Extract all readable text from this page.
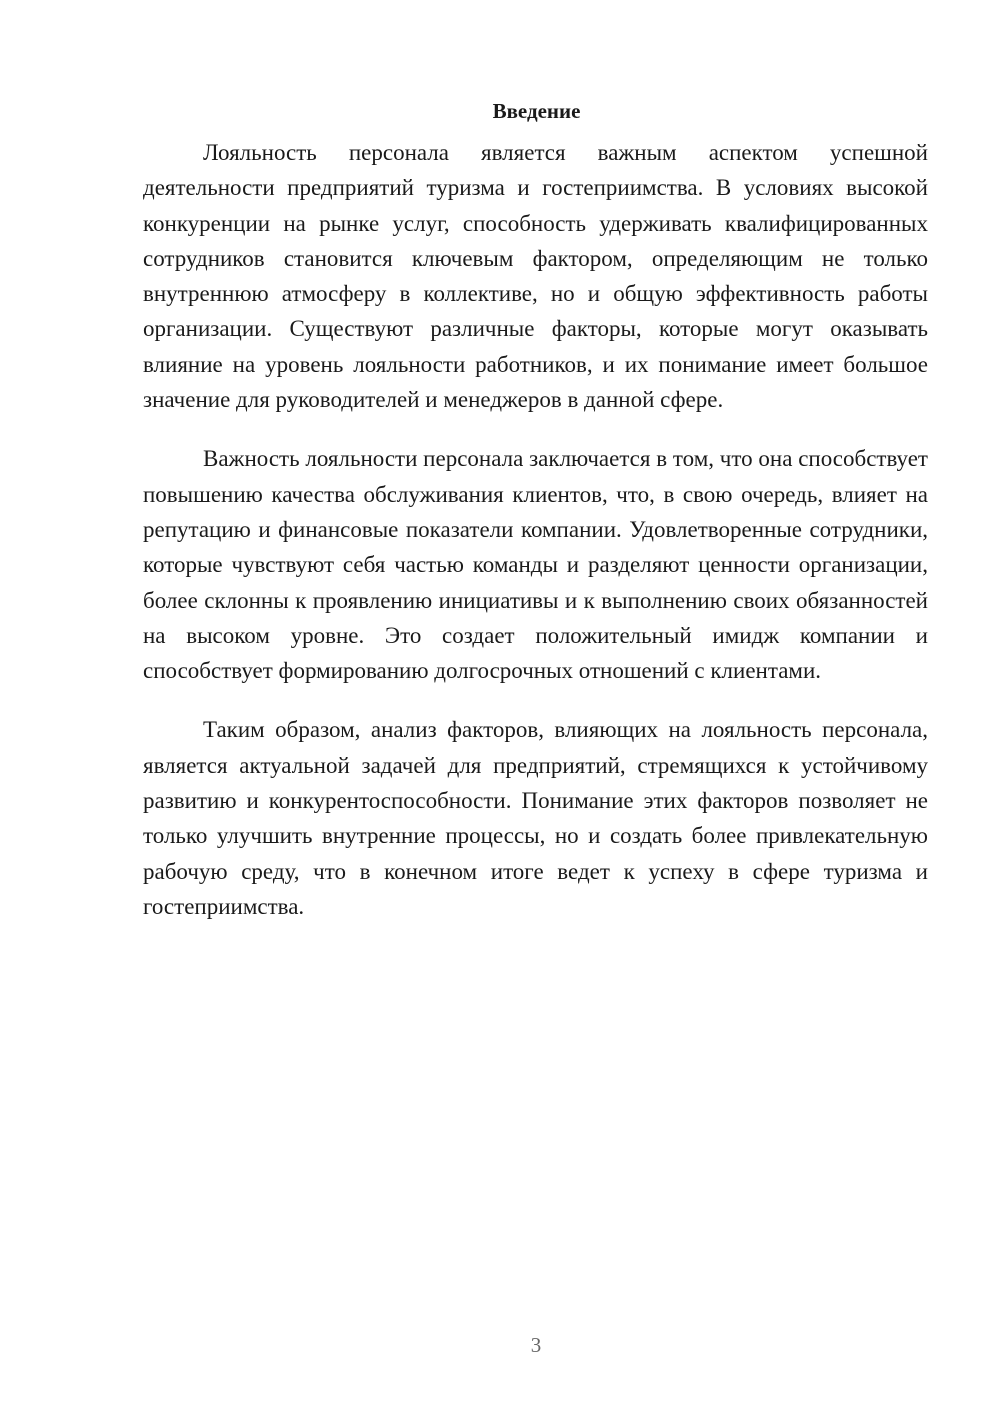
Введение

Лояльность персонала является важным аспектом успешной деятельности предприятий туризма и гостеприимства. В условиях высокой конкуренции на рынке услуг, способность удерживать квалифицированных сотрудников становится ключевым фактором, определяющим не только внутреннюю атмосферу в коллективе, но и общую эффективность работы организации. Существуют различные факторы, которые могут оказывать влияние на уровень лояльности работников, и их понимание имеет большое значение для руководителей и менеджеров в данной сфере.

Важность лояльности персонала заключается в том, что она способствует повышению качества обслуживания клиентов, что, в свою очередь, влияет на репутацию и финансовые показатели компании. Удовлетворенные сотрудники, которые чувствуют себя частью команды и разделяют ценности организации, более склонны к проявлению инициативы и к выполнению своих обязанностей на высоком уровне. Это создает положительный имидж компании и способствует формированию долгосрочных отношений с клиентами.

Таким образом, анализ факторов, влияющих на лояльность персонала, является актуальной задачей для предприятий, стремящихся к устойчивому развитию и конкурентоспособности. Понимание этих факторов позволяет не только улучшить внутренние процессы, но и создать более привлекательную рабочую среду, что в конечном итоге ведет к успеху в сфере туризма и гостеприимства.

3
